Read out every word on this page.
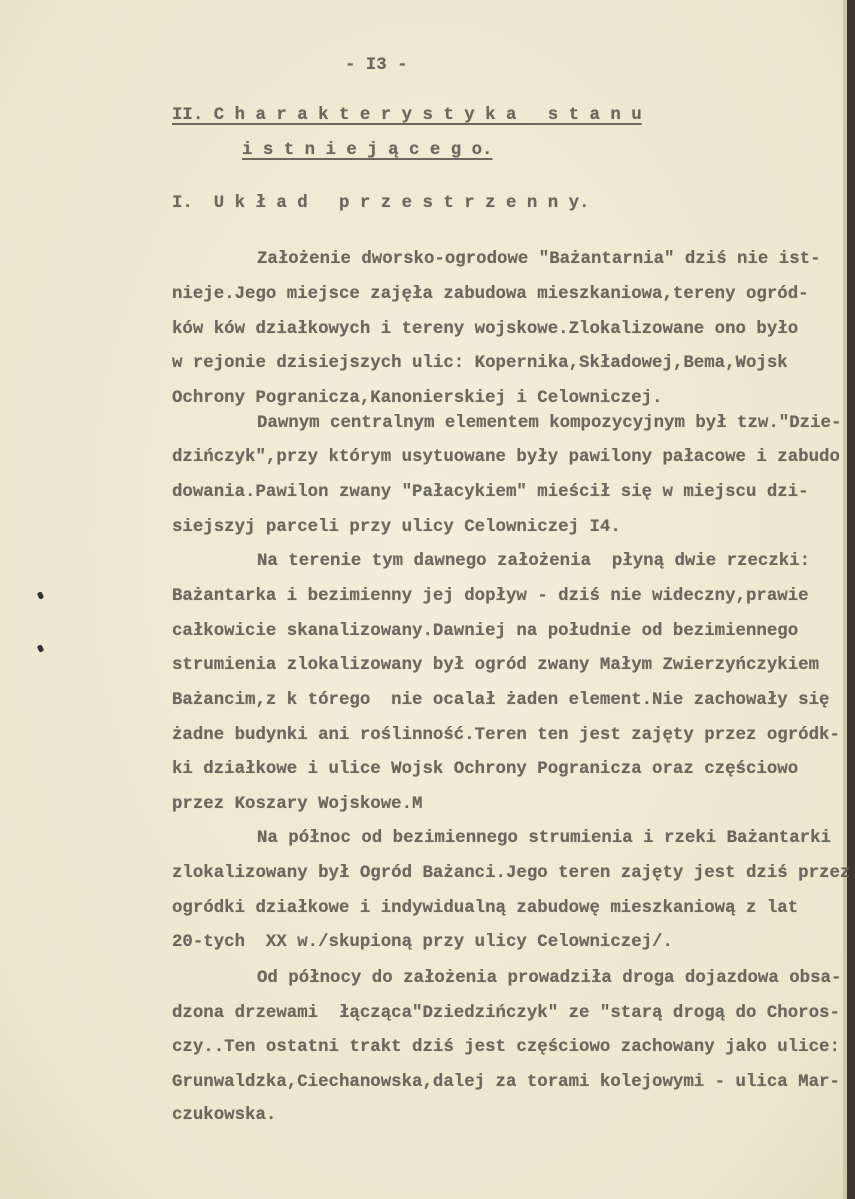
- I3 -
II. C h a r a k t e r y s t y k a   s t a n u
i s t n i e j ą c e g o.
I.  U k ł a d   p r z e s t r z e n n y.
Założenie dworsko-ogrodowe "Bażantarnia" dziś nie ist-
nieje.Jego miejsce zajęła zabudowa mieszkaniowa,tereny ogród-
ków ków działkowych i tereny wojskowe.Zlokalizowane ono było
w rejonie dzisiejszych ulic: Kopernika,Składowej,Bema,Wojsk
Ochrony Pogranicza,Kanonierskiej i Celowniczej.
Dawnym centralnym elementem kompozycyjnym był tzw."Dzie-
dzińczyk",przy którym usytuowane były pawilony pałacowe i zabudo
dowania.Pawilon zwany "Pałacykiem" mieścił się w miejscu dzi-
siejszyj parceli przy ulicy Celowniczej I4.
Na terenie tym dawnego założenia  płyną dwie rzeczki:
Bażantarka i bezimienny jej dopływ - dziś nie wideczny,prawie
całkowicie skanalizowany.Dawniej na południe od bezimiennego
strumienia zlokalizowany był ogród zwany Małym Zwierzyńczykiem
Bażancim,z k tórego  nie ocalał żaden element.Nie zachowały się
żadne budynki ani roślinność.Teren ten jest zajęty przez ogródk-
ki działkowe i ulice Wojsk Ochrony Pogranicza oraz częściowo
przez Koszary Wojskowe.M
Na północ od bezimiennego strumienia i rzeki Bażantarki
zlokalizowany był Ogród Bażanci.Jego teren zajęty jest dziś przez
ogródki działkowe i indywidualną zabudowę mieszkaniową z lat
20-tych  XX w./skupioną przy ulicy Celowniczej/.
Od północy do założenia prowadziła droga dojazdowa obsa-
dzona drzewami  łącząca"Dziedzińczyk" ze "starą drogą do Choros-
czy..Ten ostatni trakt dziś jest częściowo zachowany jako ulice:
Grunwaldzka,Ciechanowska,dalej za torami kolejowymi - ulica Mar-
czukowska.
